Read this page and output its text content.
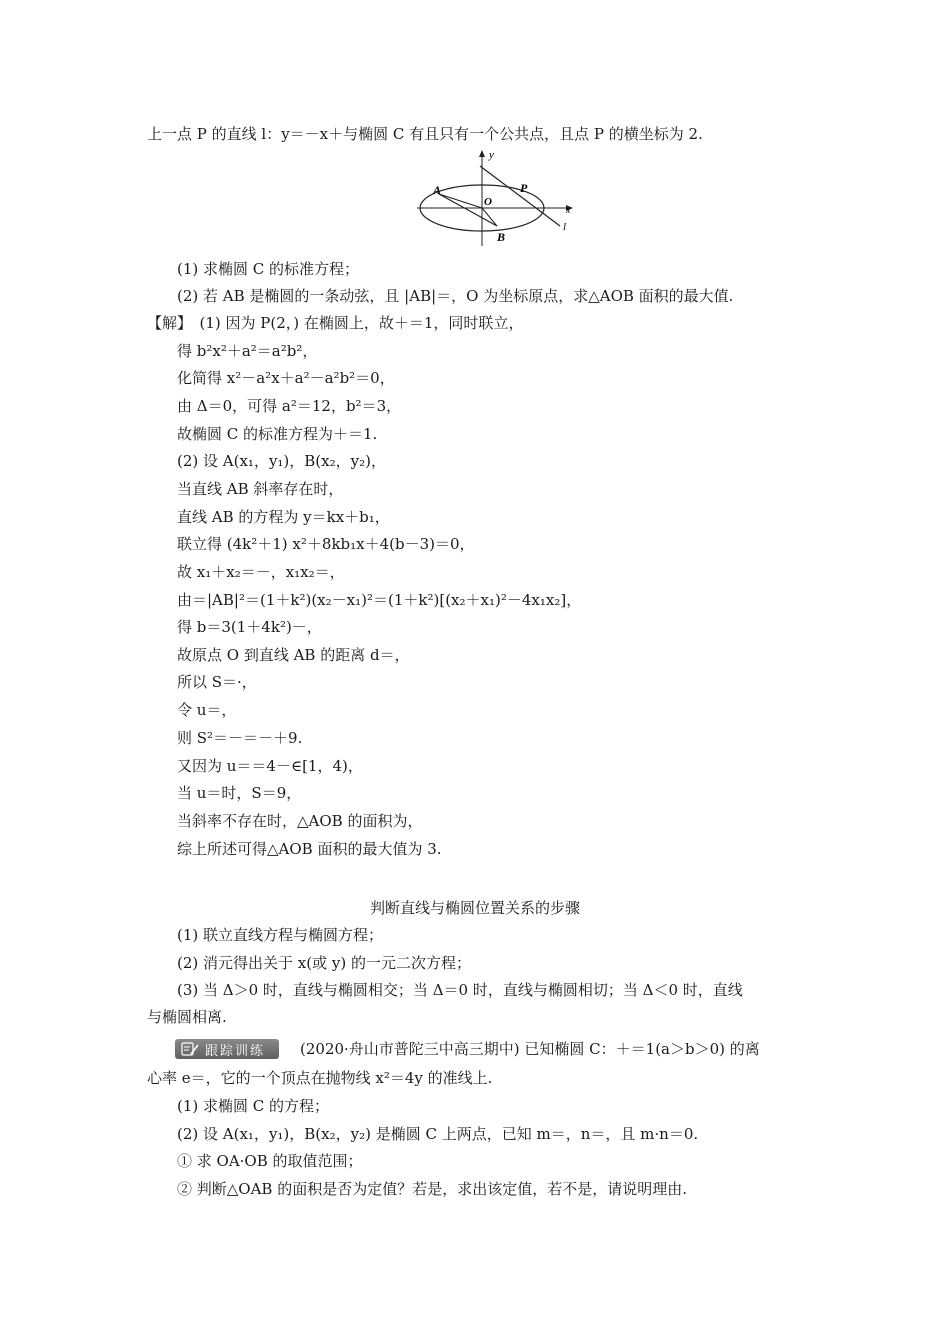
上一点 P 的直线 l：y＝－x＋与椭圆 C 有且只有一个公共点，且点 P 的横坐标为 2.
y
x
A
O
P
B
l
(1) 求椭圆 C 的标准方程；
(2) 若 AB 是椭圆的一条动弦，且 |AB|＝，O 为坐标原点，求△AOB 面积的最大值.
【解】　(1) 因为 P(2，) 在椭圆上，故＋＝1，同时联立，
得 b²x²＋a²＝a²b²，
化简得 x²－a²x＋a²－a²b²＝0，
由 Δ＝0，可得 a²＝12，b²＝3，
故椭圆 C 的标准方程为＋＝1.
(2) 设 A(x₁，y₁)，B(x₂，y₂)，
当直线 AB 斜率存在时，
直线 AB 的方程为 y＝kx＋b₁，
联立得 (4k²＋1) x²＋8kb₁x＋4(b－3)＝0，
故 x₁＋x₂＝－，x₁x₂＝，
由＝|AB|²＝(1＋k²)(x₂－x₁)²＝(1＋k²)[(x₂＋x₁)²－4x₁x₂]，
得 b＝3(1＋4k²)－，
故原点 O 到直线 AB 的距离 d＝，
所以 S＝·，
令 u＝，
则 S²＝－＝－＋9.
又因为 u＝＝4－∈[1，4)，
当 u＝时，S＝9，
当斜率不存在时，△AOB 的面积为，
综上所述可得△AOB 面积的最大值为 3.
判断直线与椭圆位置关系的步骤
(1) 联立直线方程与椭圆方程；
(2) 消元得出关于 x(或 y) 的一元二次方程；
(3) 当 Δ＞0 时，直线与椭圆相交；当 Δ＝0 时，直线与椭圆相切；当 Δ＜0 时，直线
与椭圆相离.
跟踪训练 (2020·舟山市普陀三中高三期中) 已知椭圆 C：＋＝1(a＞b＞0) 的离
心率 e＝，它的一个顶点在抛物线 x²＝4y 的准线上.
(1) 求椭圆 C 的方程；
(2) 设 A(x₁，y₁)，B(x₂，y₂) 是椭圆 C 上两点，已知 m＝，n＝，且 m·n＝0.
① 求 OA·OB 的取值范围；
② 判断△OAB 的面积是否为定值？若是，求出该定值，若不是，请说明理由.
